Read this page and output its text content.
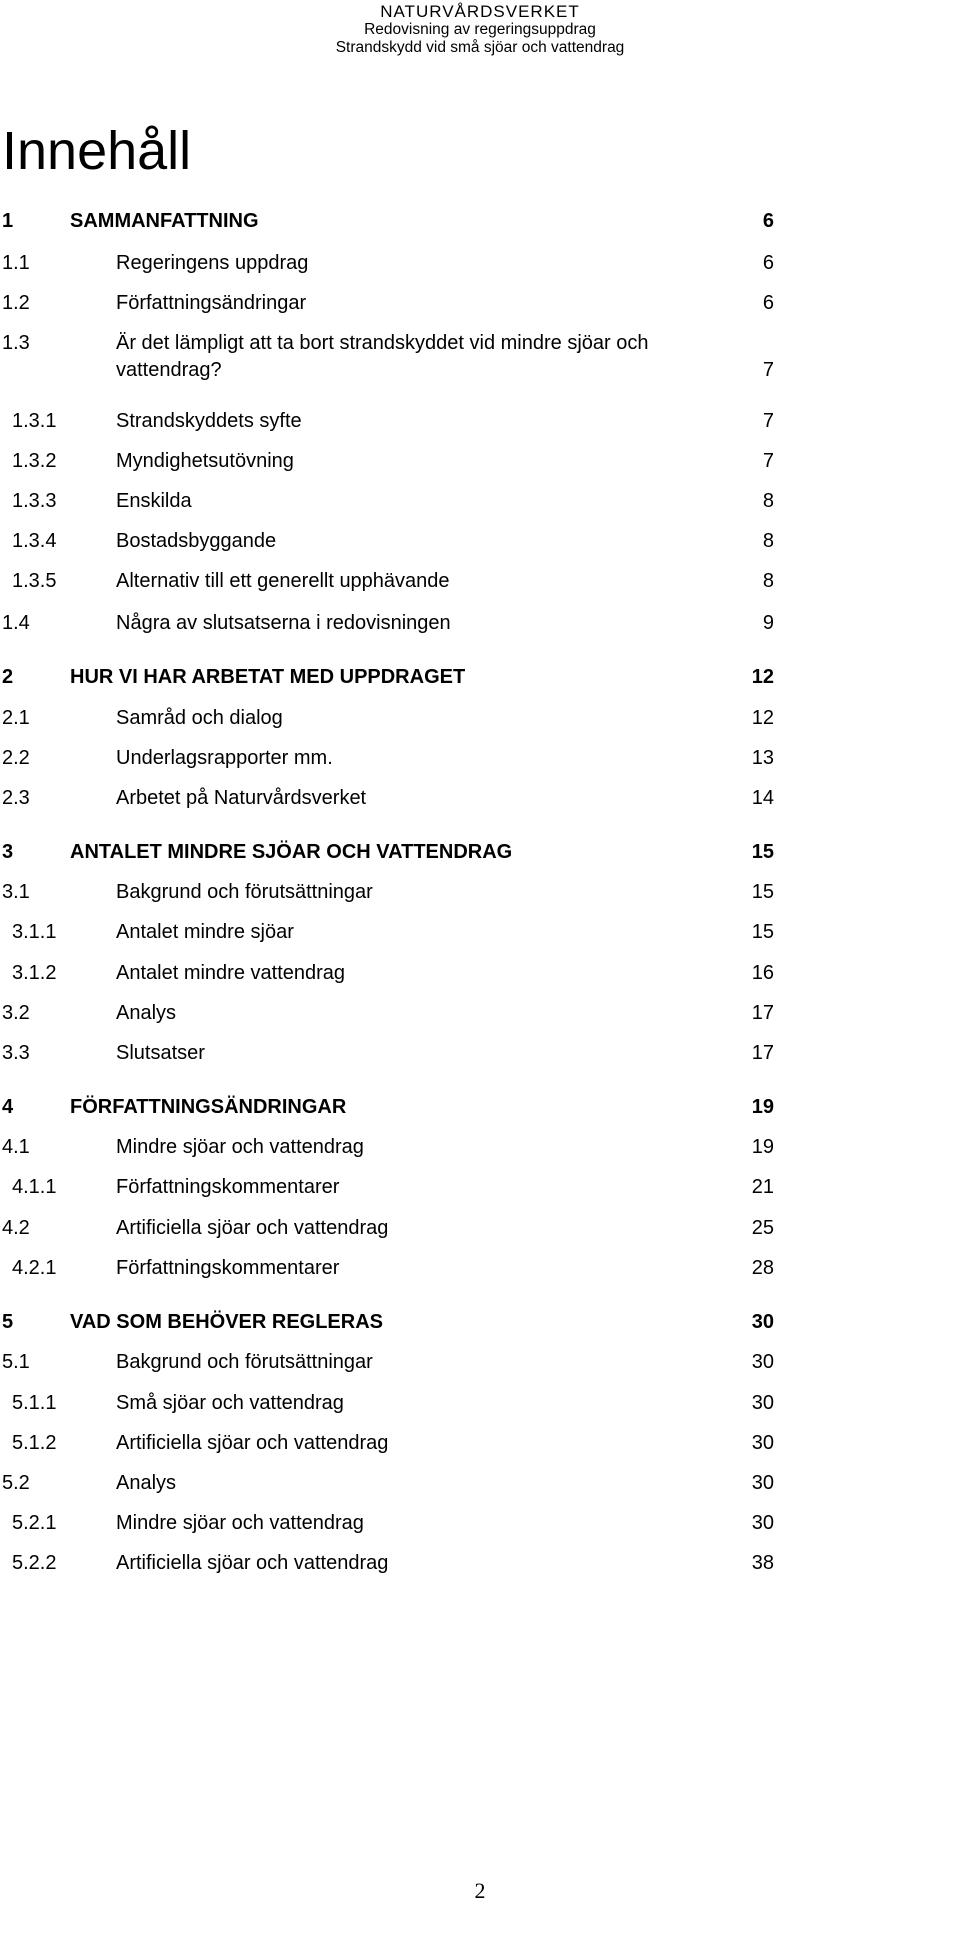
NATURVÅRDSVERKET
Redovisning av regeringsuppdrag
Strandskydd vid små sjöar och vattendrag
Innehåll
1	SAMMANFATTNING	6
1.1	Regeringens uppdrag	6
1.2	Författningsändringar	6
1.3	Är det lämpligt att ta bort strandskyddet vid mindre sjöar och
vattendrag?	7
1.3.1	Strandskyddets syfte	7
1.3.2	Myndighetsutövning	7
1.3.3	Enskilda	8
1.3.4	Bostadsbyggande	8
1.3.5	Alternativ till ett generellt upphävande	8
1.4	Några av slutsatserna i redovisningen	9
2	HUR VI HAR ARBETAT MED UPPDRAGET	12
2.1	Samråd och dialog	12
2.2	Underlagsrapporter mm.	13
2.3	Arbetet på Naturvårdsverket	14
3	ANTALET MINDRE SJÖAR OCH VATTENDRAG	15
3.1	Bakgrund och förutsättningar	15
3.1.1	Antalet mindre sjöar	15
3.1.2	Antalet mindre vattendrag	16
3.2	Analys	17
3.3	Slutsatser	17
4	FÖRFATTNINGSÄNDRINGAR	19
4.1	Mindre sjöar och vattendrag	19
4.1.1	Författningskommentarer	21
4.2	Artificiella sjöar och vattendrag	25
4.2.1	Författningskommentarer	28
5	VAD SOM BEHÖVER REGLERAS	30
5.1	Bakgrund och förutsättningar	30
5.1.1	Små sjöar och vattendrag	30
5.1.2	Artificiella sjöar och vattendrag	30
5.2	Analys	30
5.2.1	Mindre sjöar och vattendrag	30
5.2.2	Artificiella sjöar och vattendrag	38
2
